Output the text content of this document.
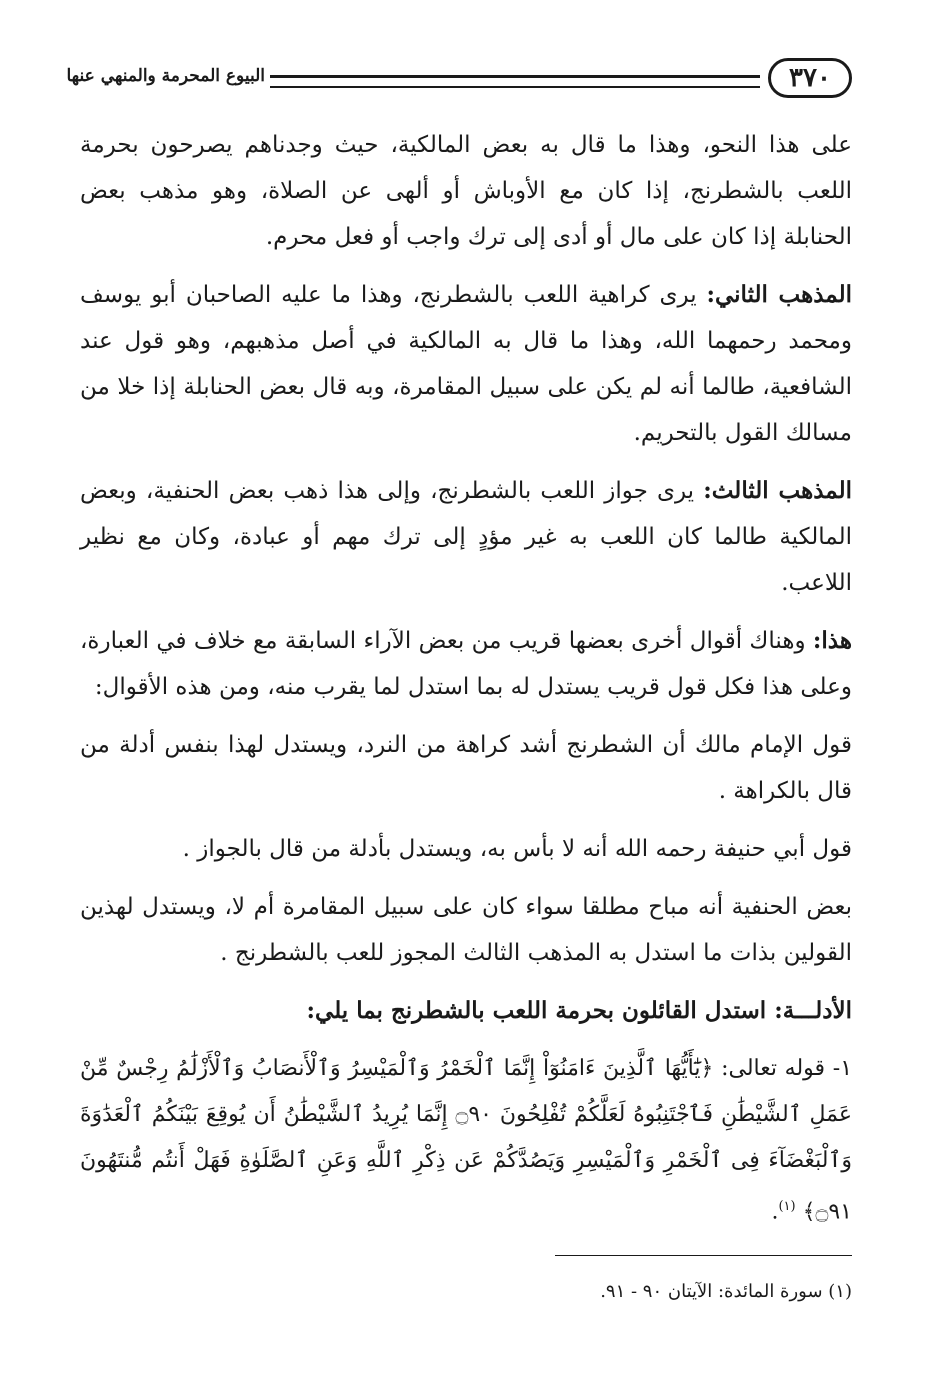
٣٧٠
البيوع المحرمة والمنهي عنها

على هذا النحو، وهذا ما قال به بعض المالكية، حيث وجدناهم يصرحون بحرمة اللعب بالشطرنج، إذا كان مع الأوباش أو ألهى عن الصلاة، وهو مذهب بعض الحنابلة إذا كان على مال أو أدى إلى ترك واجب أو فعل محرم.

المذهب الثاني: يرى كراهية اللعب بالشطرنج، وهذا ما عليه الصاحبان أبو يوسف ومحمد رحمهما الله، وهذا ما قال به المالكية في أصل مذهبهم، وهو قول عند الشافعية، طالما أنه لم يكن على سبيل المقامرة، وبه قال بعض الحنابلة إذا خلا من مسالك القول بالتحريم.

المذهب الثالث: يرى جواز اللعب بالشطرنج، وإلى هذا ذهب بعض الحنفية، وبعض المالكية طالما كان اللعب به غير مؤدٍ إلى ترك مهم أو عبادة، وكان مع نظير اللاعب.

هذا: وهناك أقوال أخرى بعضها قريب من بعض الآراء السابقة مع خلاف في العبارة، وعلى هذا فكل قول قريب يستدل له بما استدل لما يقرب منه، ومن هذه الأقوال:

قول الإمام مالك أن الشطرنج أشد كراهة من النرد، ويستدل لهذا بنفس أدلة من قال بالكراهة .

قول أبي حنيفة رحمه الله أنه لا بأس به، ويستدل بأدلة من قال بالجواز .

بعض الحنفية أنه مباح مطلقا سواء كان على سبيل المقامرة أم لا، ويستدل لهذين القولين بذات ما استدل به المذهب الثالث المجوز للعب بالشطرنج .

الأدلـــة: استدل القائلون بحرمة اللعب بالشطرنج بما يلي:

١- قوله تعالى: ﴿يَٰٓأَيُّهَا ٱلَّذِينَ ءَامَنُوٓاْ إِنَّمَا ٱلْخَمْرُ وَٱلْمَيْسِرُ وَٱلْأَنصَابُ وَٱلْأَزْلَٰمُ رِجْسٌ مِّنْ عَمَلِ ٱلشَّيْطَٰنِ فَٱجْتَنِبُوهُ لَعَلَّكُمْ تُفْلِحُونَ ۝٩٠ إِنَّمَا يُرِيدُ ٱلشَّيْطَٰنُ أَن يُوقِعَ بَيْنَكُمُ ٱلْعَدَٰوَةَ وَٱلْبَغْضَآءَ فِى ٱلْخَمْرِ وَٱلْمَيْسِرِ وَيَصُدَّكُمْ عَن ذِكْرِ ٱللَّهِ وَعَنِ ٱلصَّلَوٰةِ فَهَلْ أَنتُم مُّنتَهُونَ ۝٩١﴾ $^{(١)}$.

(١) سورة المائدة: الآيتان ٩٠ - ٩١.
